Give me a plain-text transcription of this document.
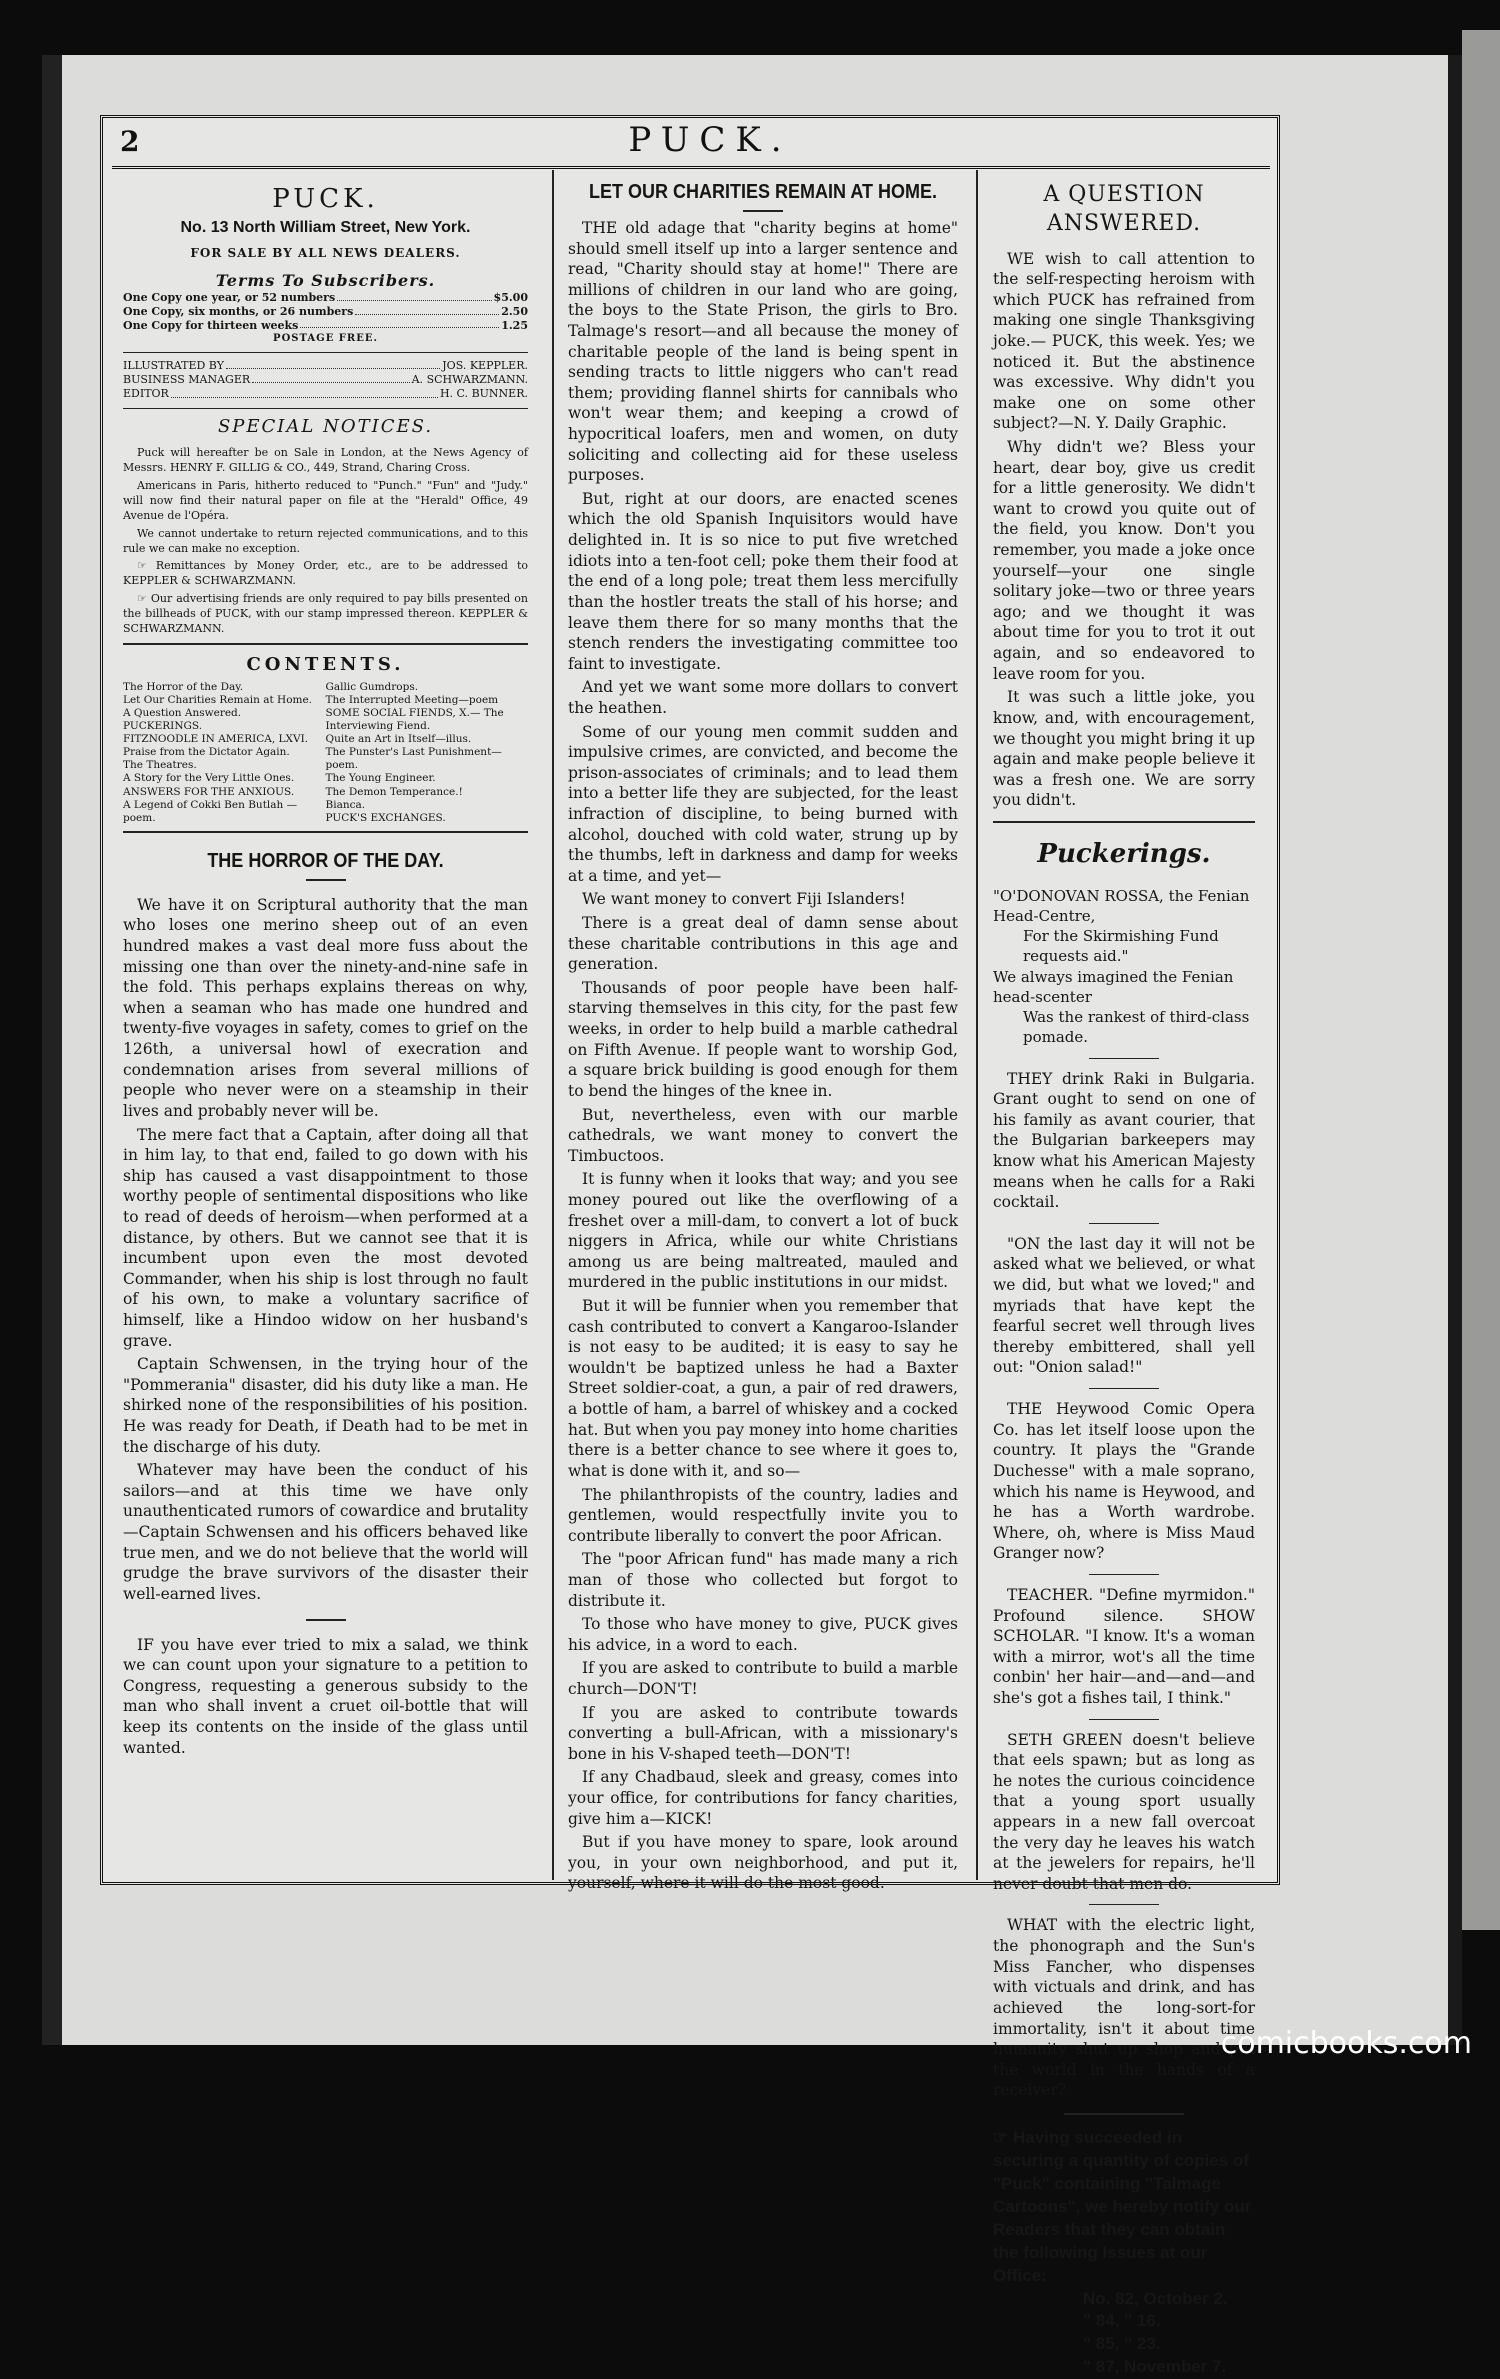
2	PUCK.
PUCK.
No. 13 North William Street, New York.
FOR SALE BY ALL NEWS DEALERS.
Terms To Subscribers.
One Copy one year, or 52 numbers	$5.00
One Copy, six months, or 26 numbers	2.50
One Copy for thirteen weeks	1.25
POSTAGE FREE.
ILLUSTRATED BY	JOS. KEPPLER.
BUSINESS MANAGER	A. SCHWARZMANN.
EDITOR	H. C. BUNNER.
SPECIAL NOTICES.

Puck will hereafter be on Sale in London, at the News Agency of Messrs. HENRY F. GILLIG & CO., 449, Strand, Charing Cross.

Americans in Paris, hitherto reduced to "Punch." "Fun" and "Judy." will now find their natural paper on file at the "Herald" Office, 49 Avenue de l'Opéra.

We cannot undertake to return rejected communications, and to this rule we can make no exception.

☞ Remittances by Money Order, etc., are to be addressed to KEPPLER & SCHWARZMANN.

☞ Our advertising friends are only required to pay bills presented on the billheads of PUCK, with our stamp impressed thereon. KEPPLER & SCHWARZMANN.

CONTENTS.
The Horror of the Day.
Let Our Charities Remain at Home.
A Question Answered.
PUCKERINGS.
FITZNOODLE IN AMERICA, LXVI.
Praise from the Dictator Again.
The Theatres.
A Story for the Very Little Ones.
ANSWERS FOR THE ANXIOUS.
A Legend of Cokki Ben Butlah —poem.
Gallic Gumdrops.
The Interrupted Meeting—poem
SOME SOCIAL FIENDS, X.— The Interviewing Fiend.
Quite an Art in Itself—illus.
The Punster's Last Punishment—poem.
The Young Engineer.
The Demon Temperance.!
Bianca.
PUCK'S EXCHANGES.
THE HORROR OF THE DAY.

We have it on Scriptural authority that the man who loses one merino sheep out of an even hundred makes a vast deal more fuss about the missing one than over the ninety-and-nine safe in the fold. This perhaps explains thereas on why, when a seaman who has made one hundred and twenty-five voyages in safety, comes to grief on the 126th, a universal howl of execration and condemnation arises from several millions of people who never were on a steamship in their lives and probably never will be.

The mere fact that a Captain, after doing all that in him lay, to that end, failed to go down with his ship has caused a vast disappointment to those worthy people of sentimental dispositions who like to read of deeds of heroism—when performed at a distance, by others. But we cannot see that it is incumbent upon even the most devoted Commander, when his ship is lost through no fault of his own, to make a voluntary sacrifice of himself, like a Hindoo widow on her husband's grave.

Captain Schwensen, in the trying hour of the "Pommerania" disaster, did his duty like a man. He shirked none of the responsibilities of his position. He was ready for Death, if Death had to be met in the discharge of his duty.

Whatever may have been the conduct of his sailors—and at this time we have only unauthenticated rumors of cowardice and brutality—Captain Schwensen and his officers behaved like true men, and we do not believe that the world will grudge the brave survivors of the disaster their well-earned lives.

IF you have ever tried to mix a salad, we think we can count upon your signature to a petition to Congress, requesting a generous subsidy to the man who shall invent a cruet oil-bottle that will keep its contents on the inside of the glass until wanted.

LET OUR CHARITIES REMAIN AT HOME.

THE old adage that "charity begins at home" should smell itself up into a larger sentence and read, "Charity should stay at home!" There are millions of children in our land who are going, the boys to the State Prison, the girls to Bro. Talmage's resort—and all because the money of charitable people of the land is being spent in sending tracts to little niggers who can't read them; providing flannel shirts for cannibals who won't wear them; and keeping a crowd of hypocritical loafers, men and women, on duty soliciting and collecting aid for these useless purposes.

But, right at our doors, are enacted scenes which the old Spanish Inquisitors would have delighted in. It is so nice to put five wretched idiots into a ten-foot cell; poke them their food at the end of a long pole; treat them less mercifully than the hostler treats the stall of his horse; and leave them there for so many months that the stench renders the investigating committee too faint to investigate.

And yet we want some more dollars to convert the heathen.

Some of our young men commit sudden and impulsive crimes, are convicted, and become the prison-associates of criminals; and to lead them into a better life they are subjected, for the least infraction of discipline, to being burned with alcohol, douched with cold water, strung up by the thumbs, left in darkness and damp for weeks at a time, and yet—

We want money to convert Fiji Islanders!

There is a great deal of damn sense about these charitable contributions in this age and generation.

Thousands of poor people have been half-starving themselves in this city, for the past few weeks, in order to help build a marble cathedral on Fifth Avenue. If people want to worship God, a square brick building is good enough for them to bend the hinges of the knee in.

But, nevertheless, even with our marble cathedrals, we want money to convert the Timbuctoos.

It is funny when it looks that way; and you see money poured out like the overflowing of a freshet over a mill-dam, to convert a lot of buck niggers in Africa, while our white Christians among us are being maltreated, mauled and murdered in the public institutions in our midst.

But it will be funnier when you remember that cash contributed to convert a Kangaroo-Islander is not easy to be audited; it is easy to say he wouldn't be baptized unless he had a Baxter Street soldier-coat, a gun, a pair of red drawers, a bottle of ham, a barrel of whiskey and a cocked hat. But when you pay money into home charities there is a better chance to see where it goes to, what is done with it, and so—

The philanthropists of the country, ladies and gentlemen, would respectfully invite you to contribute liberally to convert the poor African.

The "poor African fund" has made many a rich man of those who collected but forgot to distribute it.

To those who have money to give, PUCK gives his advice, in a word to each.

If you are asked to contribute to build a marble church—DON'T!

If you are asked to contribute towards converting a bull-African, with a missionary's bone in his V-shaped teeth—DON'T!

If any Chadbaud, sleek and greasy, comes into your office, for contributions for fancy charities, give him a—KICK!

But if you have money to spare, look around you, in your own neighborhood, and put it, yourself, where it will do the most good.

A QUESTION ANSWERED.

WE wish to call attention to the self-respecting heroism with which PUCK has refrained from making one single Thanksgiving joke.— PUCK, this week. Yes; we noticed it. But the abstinence was excessive. Why didn't you make one on some other subject?—N. Y. Daily Graphic.

Why didn't we? Bless your heart, dear boy, give us credit for a little generosity. We didn't want to crowd you quite out of the field, you know. Don't you remember, you made a joke once yourself—your one single solitary joke—two or three years ago; and we thought it was about time for you to trot it out again, and so endeavored to leave room for you.

It was such a little joke, you know, and, with encouragement, we thought you might bring it up again and make people believe it was a fresh one. We are sorry you didn't.

Puckerings.
"O'DONOVAN ROSSA, the Fenian Head-Centre,
For the Skirmishing Fund requests aid."
We always imagined the Fenian head-scenter
Was the rankest of third-class pomade.

THEY drink Raki in Bulgaria. Grant ought to send on one of his family as avant courier, that the Bulgarian barkeepers may know what his American Majesty means when he calls for a Raki cocktail.

"ON the last day it will not be asked what we believed, or what we did, but what we loved;" and myriads that have kept the fearful secret well through lives thereby embittered, shall yell out: "Onion salad!"

THE Heywood Comic Opera Co. has let itself loose upon the country. It plays the "Grande Duchesse" with a male soprano, which his name is Heywood, and he has a Worth wardrobe. Where, oh, where is Miss Maud Granger now?

TEACHER. "Define myrmidon." Profound silence. SHOW SCHOLAR. "I know. It's a woman with a mirror, wot's all the time conbin' her hair—and—and—and she's got a fishes tail, I think."

SETH GREEN doesn't believe that eels spawn; but as long as he notes the curious coincidence that a young sport usually appears in a new fall overcoat the very day he leaves his watch at the jewelers for repairs, he'll never doubt that men do.

WHAT with the electric light, the phonograph and the Sun's Miss Fancher, who dispenses with victuals and drink, and has achieved the long-sort-for immortality, isn't it about time humanity shut up shop and put the world in the hands of a receiver?

☞ Having succeeded in securing a quantity of copies of "Puck" containing "Talmage Cartoons", we hereby notify our Readers that they can obtain the following Issues at our Office:
No. 82, October 2.
" 84, " 16.
" 85, " 23.
" 87, November 7.
comicbooks.com
